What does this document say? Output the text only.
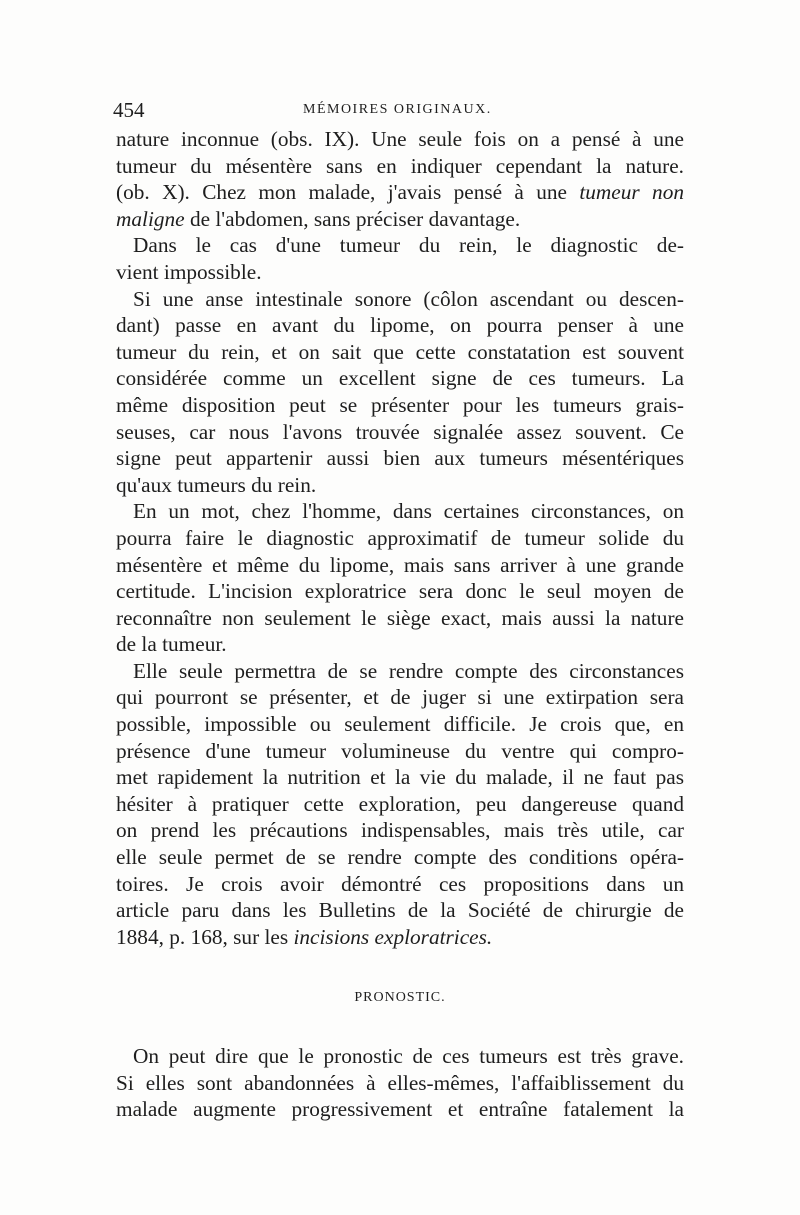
454	MÉMOIRES ORIGINAUX.
nature inconnue (obs. IX). Une seule fois on a pensé à une
tumeur du mésentère sans en indiquer cependant la nature.
(ob. X). Chez mon malade, j'avais pensé à une tumeur non
maligne de l'abdomen, sans préciser davantage.
Dans le cas d'une tumeur du rein, le diagnostic de-
vient impossible.
Si une anse intestinale sonore (côlon ascendant ou descen-
dant) passe en avant du lipome, on pourra penser à une
tumeur du rein, et on sait que cette constatation est souvent
considérée comme un excellent signe de ces tumeurs. La
même disposition peut se présenter pour les tumeurs grais-
seuses, car nous l'avons trouvée signalée assez souvent. Ce
signe peut appartenir aussi bien aux tumeurs mésentériques
qu'aux tumeurs du rein.
En un mot, chez l'homme, dans certaines circonstances, on
pourra faire le diagnostic approximatif de tumeur solide du
mésentère et même du lipome, mais sans arriver à une grande
certitude. L'incision exploratrice sera donc le seul moyen de
reconnaître non seulement le siège exact, mais aussi la nature
de la tumeur.
Elle seule permettra de se rendre compte des circonstances
qui pourront se présenter, et de juger si une extirpation sera
possible, impossible ou seulement difficile. Je crois que, en
présence d'une tumeur volumineuse du ventre qui compro-
met rapidement la nutrition et la vie du malade, il ne faut pas
hésiter à pratiquer cette exploration, peu dangereuse quand
on prend les précautions indispensables, mais très utile, car
elle seule permet de se rendre compte des conditions opéra-
toires. Je crois avoir démontré ces propositions dans un
article paru dans les Bulletins de la Société de chirurgie de
1884, p. 168, sur les incisions exploratrices.
PRONOSTIC.
On peut dire que le pronostic de ces tumeurs est très grave.
Si elles sont abandonnées à elles-mêmes, l'affaiblissement du
malade augmente progressivement et entraîne fatalement la
